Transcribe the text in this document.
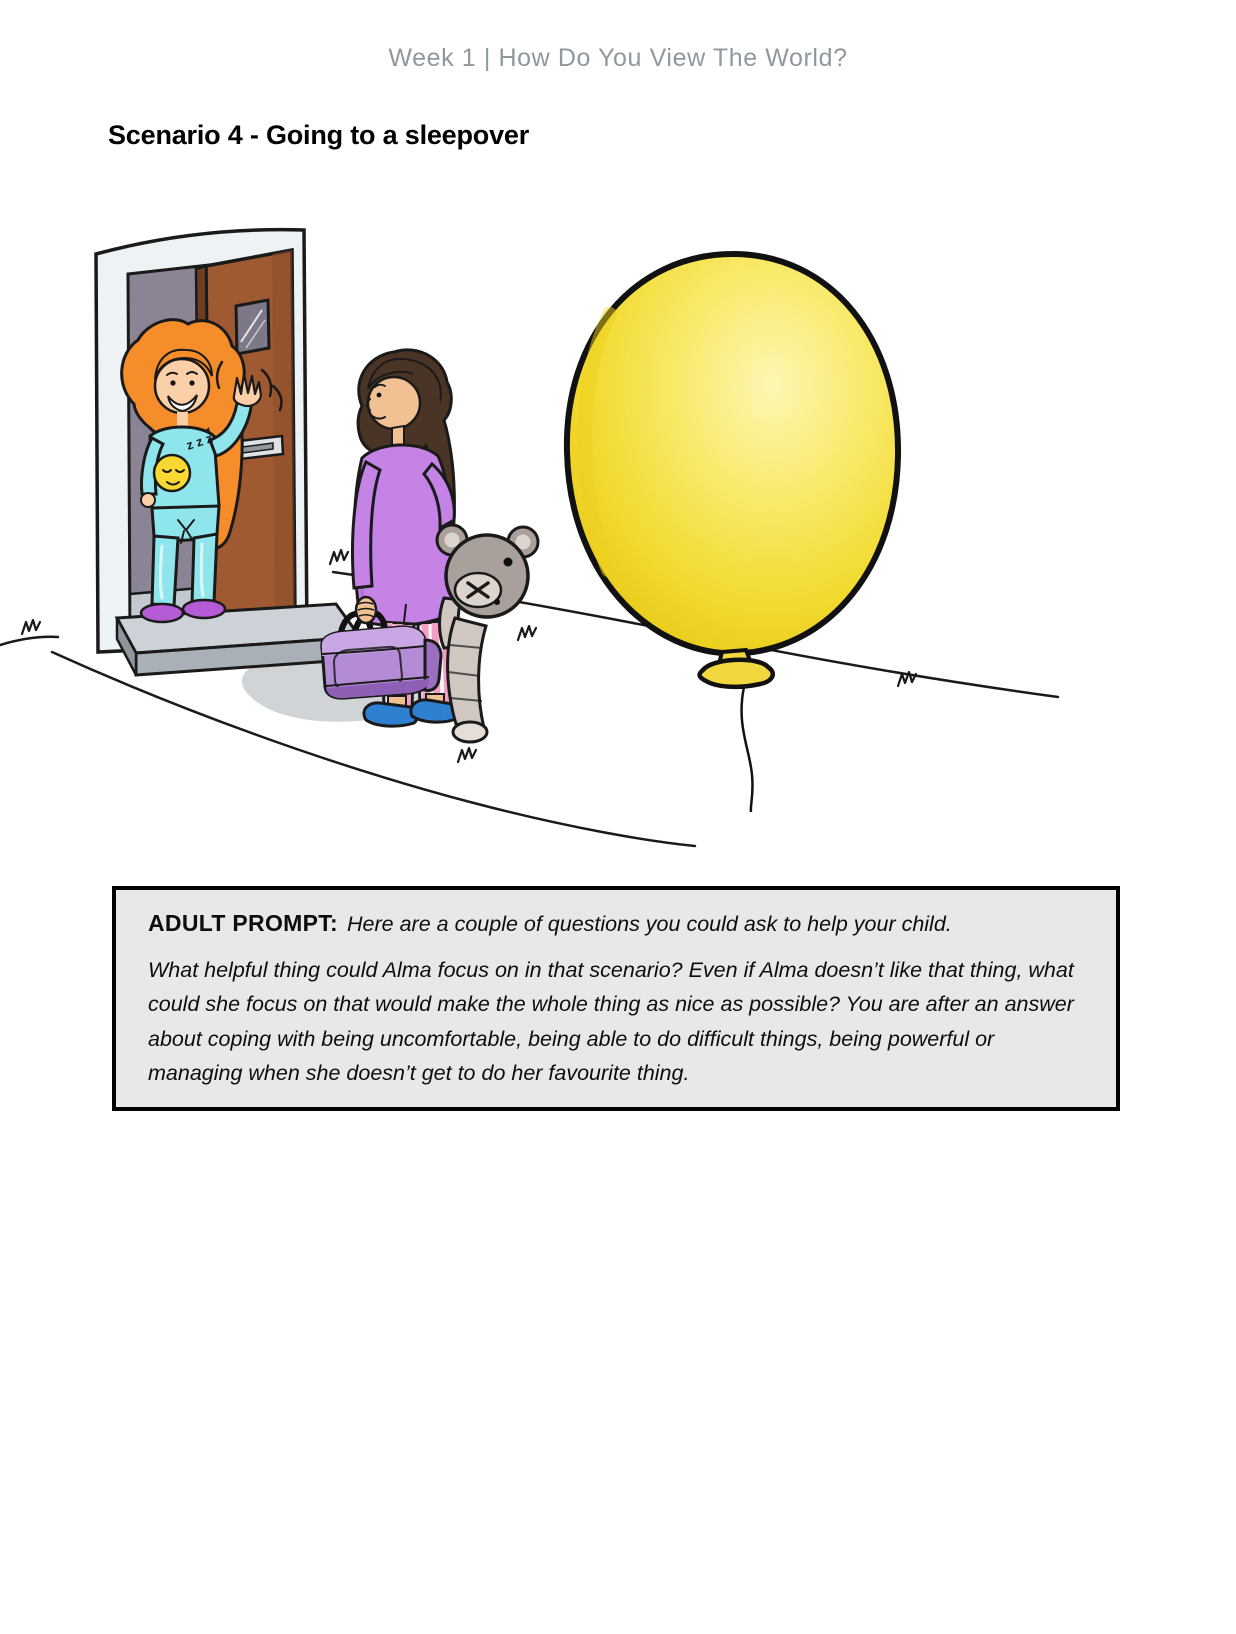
Week 1 | How Do You View The World?
Scenario 4 - Going to a sleepover
z z z

ADULT PROMPT: Here are a couple of questions you could ask to help your child.

What helpful thing could Alma focus on in that scenario? Even if Alma doesn’t like that thing, what could she focus on that would make the whole thing as nice as possible? You are after an answer about coping with being uncomfortable, being able to do difficult things, being powerful or managing when she doesn’t get to do her favourite thing.
